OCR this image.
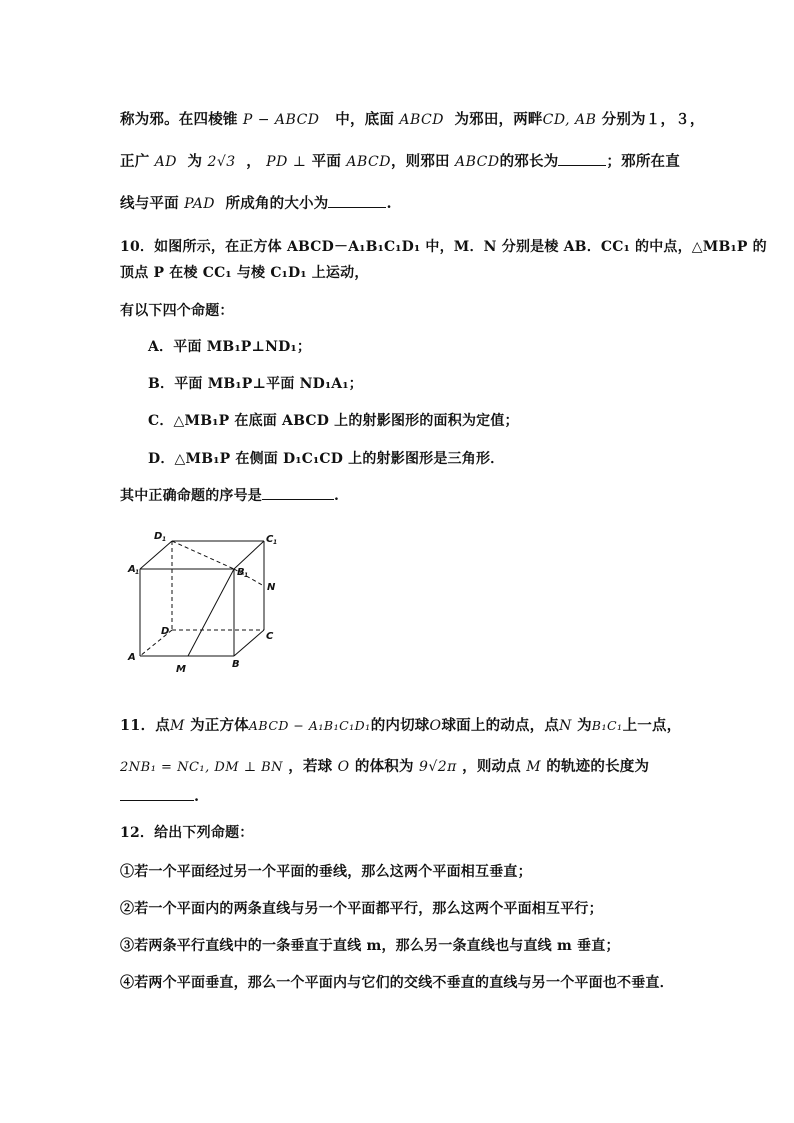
称为邪。在四棱锥 P − ABCD 中，底面 ABCD 为邪田，两畔CD, AB 分别为１，３，
正广 AD 为 2√3 ， PD ⊥ 平面 ABCD，则邪田 ABCD的邪长为	；邪所在直
线与平面 PAD 所成角的大小为	.
10．如图所示，在正方体 ABCD－A₁B₁C₁D₁ 中，M．N 分别是棱 AB．CC₁ 的中点，△MB₁P 的
顶点 P 在棱 CC₁ 与棱 C₁D₁ 上运动，
有以下四个命题：
A．平面 MB₁P⊥ND₁；
B．平面 MB₁P⊥平面 ND₁A₁；
C．△MB₁P 在底面 ABCD 上的射影图形的面积为定值；
D．△MB₁P 在侧面 D₁C₁CD 上的射影图形是三角形．
其中正确命题的序号是	.
D 1	C 1
A 1	B 1
N
D	C
A
B
M
11．点M 为正方体ABCD − A₁B₁C₁D₁的内切球O球面上的动点，点N 为B₁C₁上一点，
2NB₁ = NC₁, DM ⊥ BN ，若球 O 的体积为 9√2π ，则动点 M 的轨迹的长度为
.
12．给出下列命题：
①若一个平面经过另一个平面的垂线，那么这两个平面相互垂直；
②若一个平面内的两条直线与另一个平面都平行，那么这两个平面相互平行；
③若两条平行直线中的一条垂直于直线 m，那么另一条直线也与直线 m 垂直；
④若两个平面垂直，那么一个平面内与它们的交线不垂直的直线与另一个平面也不垂直．
